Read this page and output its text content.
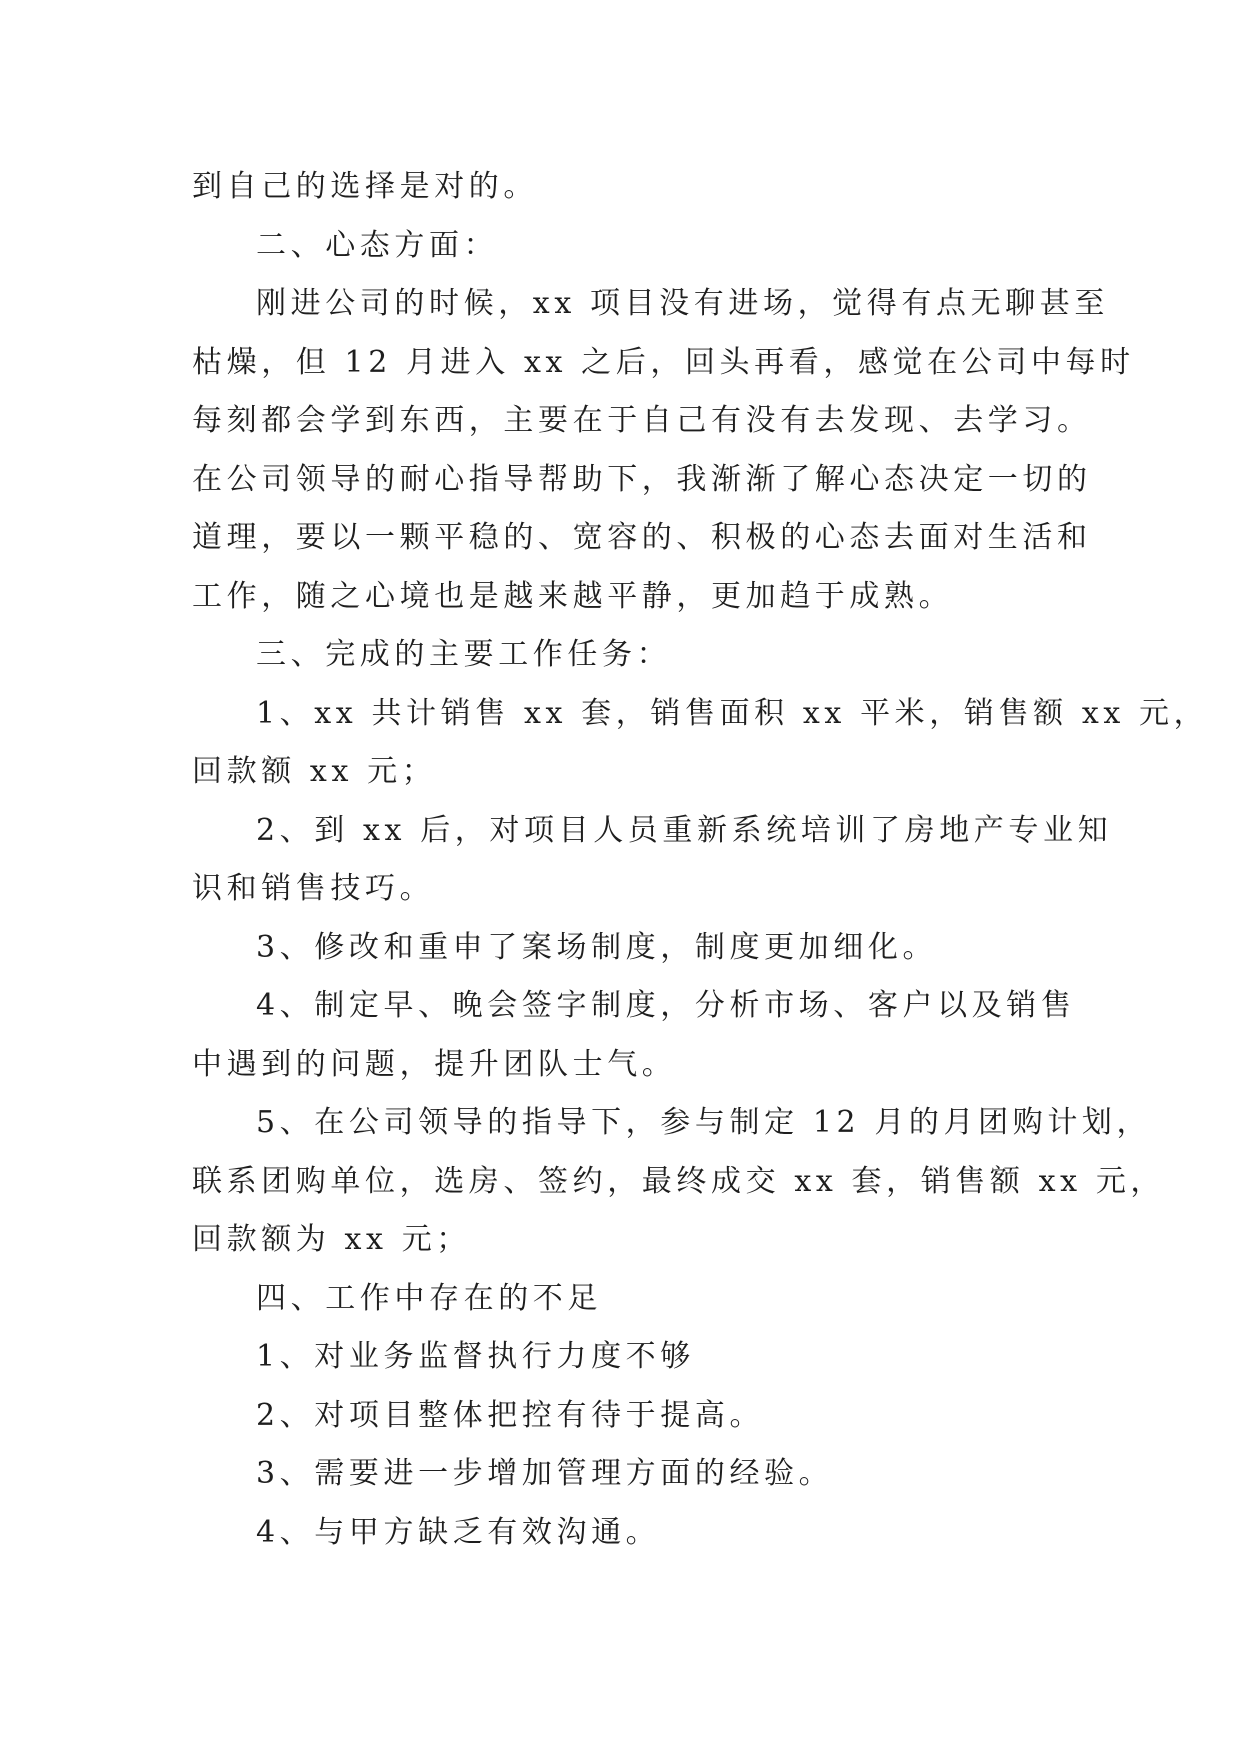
到自己的选择是对的。

二、心态方面：

刚进公司的时候，xx 项目没有进场，觉得有点无聊甚至
枯燥，但 12 月进入 xx 之后，回头再看，感觉在公司中每时
每刻都会学到东西，主要在于自己有没有去发现、去学习。
在公司领导的耐心指导帮助下，我渐渐了解心态决定一切的
道理，要以一颗平稳的、宽容的、积极的心态去面对生活和
工作，随之心境也是越来越平静，更加趋于成熟。

三、完成的主要工作任务：

1、xx 共计销售 xx 套，销售面积 xx 平米，销售额 xx 元，
回款额 xx 元；

2、到 xx 后，对项目人员重新系统培训了房地产专业知
识和销售技巧。

3、修改和重申了案场制度，制度更加细化。

4、制定早、晚会签字制度，分析市场、客户以及销售
中遇到的问题，提升团队士气。

5、在公司领导的指导下，参与制定 12 月的月团购计划，
联系团购单位，选房、签约，最终成交 xx 套，销售额 xx 元，
回款额为 xx 元；

四、工作中存在的不足

1、对业务监督执行力度不够

2、对项目整体把控有待于提高。

3、需要进一步增加管理方面的经验。

4、与甲方缺乏有效沟通。
